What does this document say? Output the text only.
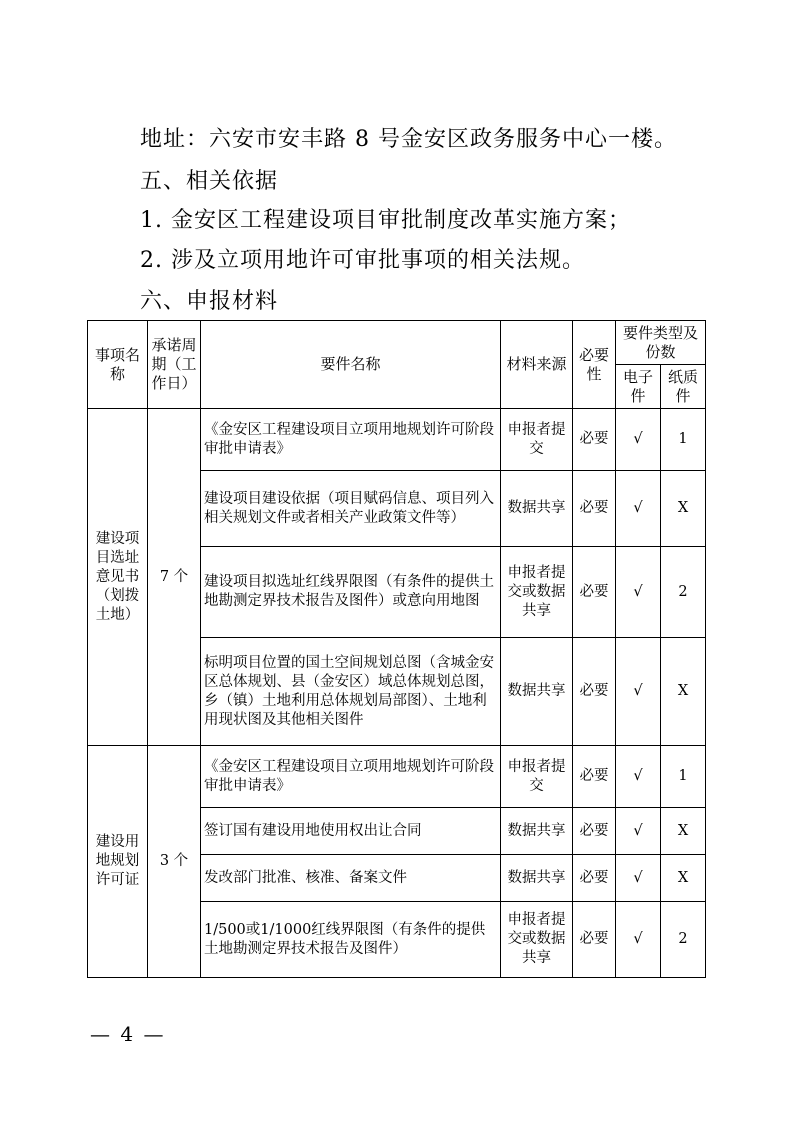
地址：六安市安丰路 8 号金安区政务服务中心一楼。
五、相关依据
1. 金安区工程建设项目审批制度改革实施方案；
2. 涉及立项用地许可审批事项的相关法规。
六、申报材料
事项名称	承诺周期（工作日）	要件名称	材料来源	必要性	要件类型及份数	
					电子件	纸质件
建设项目选址意见书（划拨土地）	7 个	《金安区工程建设项目立项用地规划许可阶段审批申请表》	申报者提交	必要	√	1
		建设项目建设依据（项目赋码信息、项目列入相关规划文件或者相关产业政策文件等）	数据共享	必要	√	X
		建设项目拟选址红线界限图（有条件的提供土地勘测定界技术报告及图件）或意向用地图	申报者提交或数据共享	必要	√	2
		标明项目位置的国土空间规划总图（含城金安区总体规划、县（金安区）域总体规划总图，乡（镇）土地利用总体规划局部图）、土地利用现状图及其他相关图件	数据共享	必要	√	X
建设用地规划许可证	3 个	《金安区工程建设项目立项用地规划许可阶段审批申请表》	申报者提交	必要	√	1
		签订国有建设用地使用权出让合同	数据共享	必要	√	X
		发改部门批准、核准、备案文件	数据共享	必要	√	X
		1/500或1/1000红线界限图（有条件的提供土地勘测定界技术报告及图件）	申报者提交或数据共享	必要	√	2
— 4 —
